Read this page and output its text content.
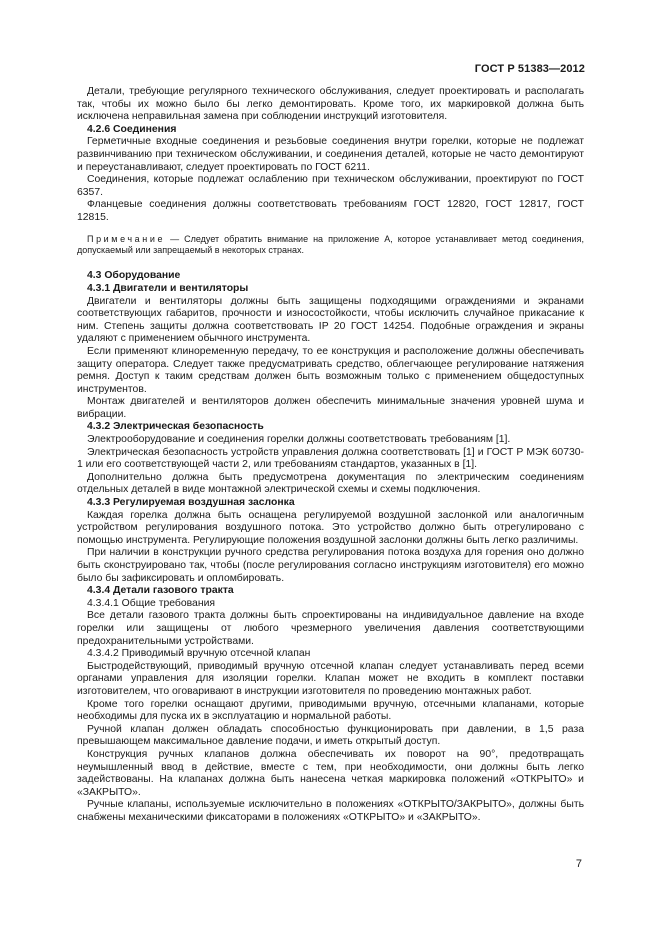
ГОСТ Р 51383—2012

Детали, требующие регулярного технического обслуживания, следует проектировать и располагать так, чтобы их можно было бы легко демонтировать. Кроме того, их маркировкой должна быть исключена неправильная замена при соблюдении инструкций изготовителя.

4.2.6 Соединения

Герметичные входные соединения и резьбовые соединения внутри горелки, которые не подлежат развинчиванию при техническом обслуживании, и соединения деталей, которые не часто демонтируют и переустанавливают, следует проектировать по ГОСТ 6211.

Соединения, которые подлежат ослаблению при техническом обслуживании, проектируют по ГОСТ 6357.

Фланцевые соединения должны соответствовать требованиям ГОСТ 12820, ГОСТ 12817, ГОСТ 12815.

Примечание — Следует обратить внимание на приложение А, которое устанавливает метод соединения, допускаемый или запрещаемый в некоторых странах.

4.3 Оборудование

4.3.1 Двигатели и вентиляторы

Двигатели и вентиляторы должны быть защищены подходящими ограждениями и экранами соответствующих габаритов, прочности и износостойкости, чтобы исключить случайное прикасание к ним. Степень защиты должна соответствовать IP 20 ГОСТ 14254. Подобные ограждения и экраны удаляют с применением обычного инструмента.

Если применяют клиноременную передачу, то ее конструкция и расположение должны обеспечивать защиту оператора. Следует также предусматривать средство, облегчающее регулирование натяжения ремня. Доступ к таким средствам должен быть возможным только с применением общедоступных инструментов.

Монтаж двигателей и вентиляторов должен обеспечить минимальные значения уровней шума и вибрации.

4.3.2 Электрическая безопасность

Электрооборудование и соединения горелки должны соответствовать требованиям [1].

Электрическая безопасность устройств управления должна соответствовать [1] и ГОСТ Р МЭК 60730-1 или его соответствующей части 2, или требованиям стандартов, указанных в [1].

Дополнительно должна быть предусмотрена документация по электрическим соединениям отдельных деталей в виде монтажной электрической схемы и схемы подключения.

4.3.3 Регулируемая воздушная заслонка

Каждая горелка должна быть оснащена регулируемой воздушной заслонкой или аналогичным устройством регулирования воздушного потока. Это устройство должно быть отрегулировано с помощью инструмента. Регулирующие положения воздушной заслонки должны быть легко различимы.

При наличии в конструкции ручного средства регулирования потока воздуха для горения оно должно быть сконструировано так, чтобы (после регулирования согласно инструкциям изготовителя) его можно было бы зафиксировать и опломбировать.

4.3.4 Детали газового тракта

4.3.4.1 Общие требования

Все детали газового тракта должны быть спроектированы на индивидуальное давление на входе горелки или защищены от любого чрезмерного увеличения давления соответствующими предохранительными устройствами.

4.3.4.2 Приводимый вручную отсечной клапан

Быстродействующий, приводимый вручную отсечной клапан следует устанавливать перед всеми органами управления для изоляции горелки. Клапан может не входить в комплект поставки изготовителем, что оговаривают в инструкции изготовителя по проведению монтажных работ.

Кроме того горелки оснащают другими, приводимыми вручную, отсечными клапанами, которые необходимы для пуска их в эксплуатацию и нормальной работы.

Ручной клапан должен обладать способностью функционировать при давлении, в 1,5 раза превышающем максимальное давление подачи, и иметь открытый доступ.

Конструкция ручных клапанов должна обеспечивать их поворот на 90°, предотвращать неумышленный ввод в действие, вместе с тем, при необходимости, они должны быть легко задействованы. На клапанах должна быть нанесена четкая маркировка положений «ОТКРЫТО» и «ЗАКРЫТО».

Ручные клапаны, используемые исключительно в положениях «ОТКРЫТО/ЗАКРЫТО», должны быть снабжены механическими фиксаторами в положениях «ОТКРЫТО» и «ЗАКРЫТО».

7
